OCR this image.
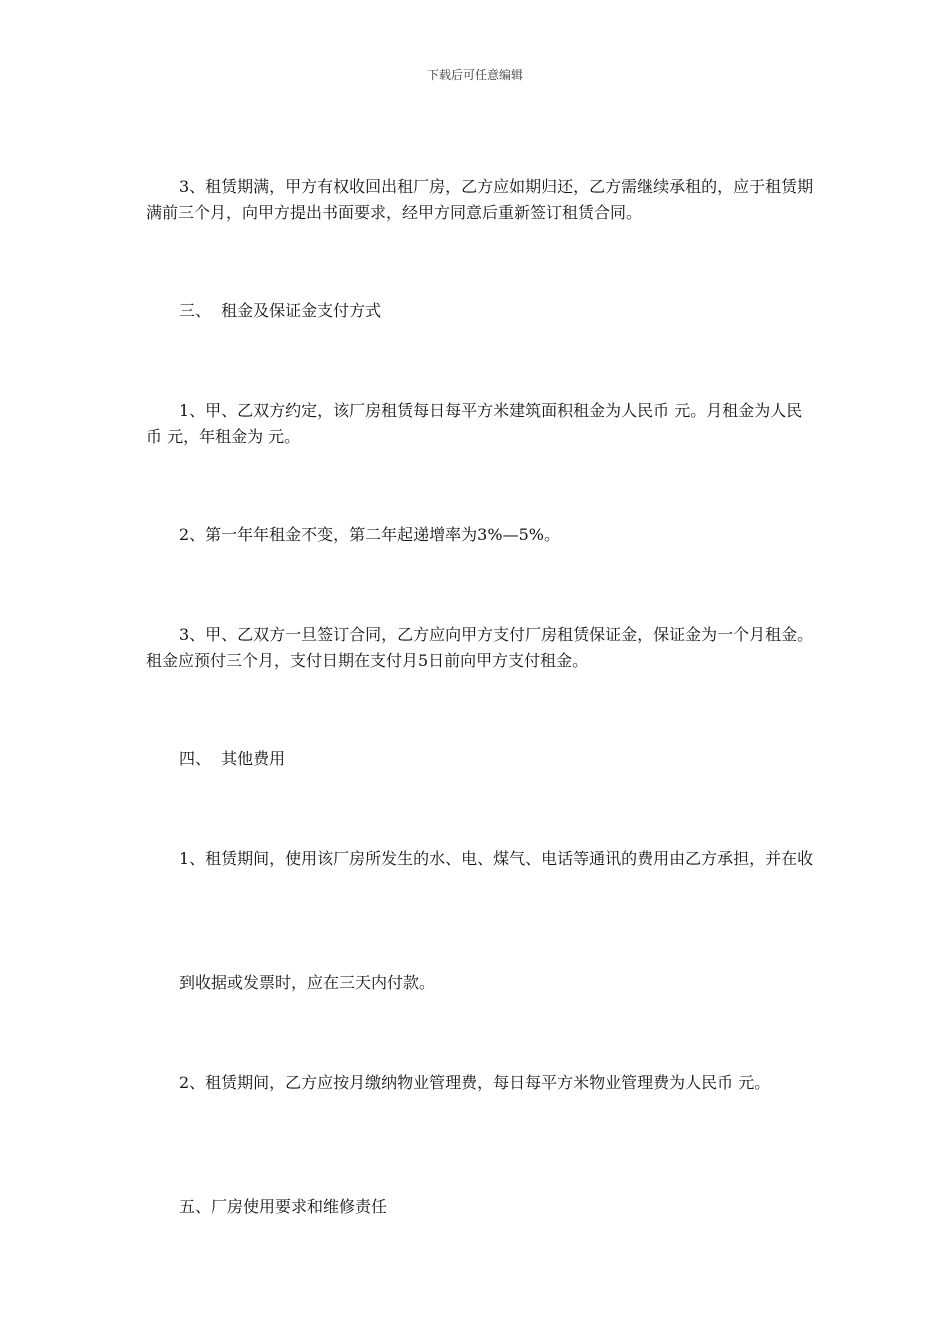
下载后可任意编辑

3、租赁期满，甲方有权收回出租厂房，乙方应如期归还，乙方需继续承租的，应于租赁期满前三个月，向甲方提出书面要求，经甲方同意后重新签订租赁合同。

三、  租金及保证金支付方式

1、甲、乙双方约定，该厂房租赁每日每平方米建筑面积租金为人民币 元。月租金为人民币 元，年租金为 元。

2、第一年年租金不变，第二年起递增率为3%—5%。

3、甲、乙双方一旦签订合同，乙方应向甲方支付厂房租赁保证金，保证金为一个月租金。租金应预付三个月，支付日期在支付月5日前向甲方支付租金。

四、  其他费用

1、租赁期间，使用该厂房所发生的水、电、煤气、电话等通讯的费用由乙方承担，并在收

到收据或发票时，应在三天内付款。

2、租赁期间，乙方应按月缴纳物业管理费，每日每平方米物业管理费为人民币 元。

五、厂房使用要求和维修责任
